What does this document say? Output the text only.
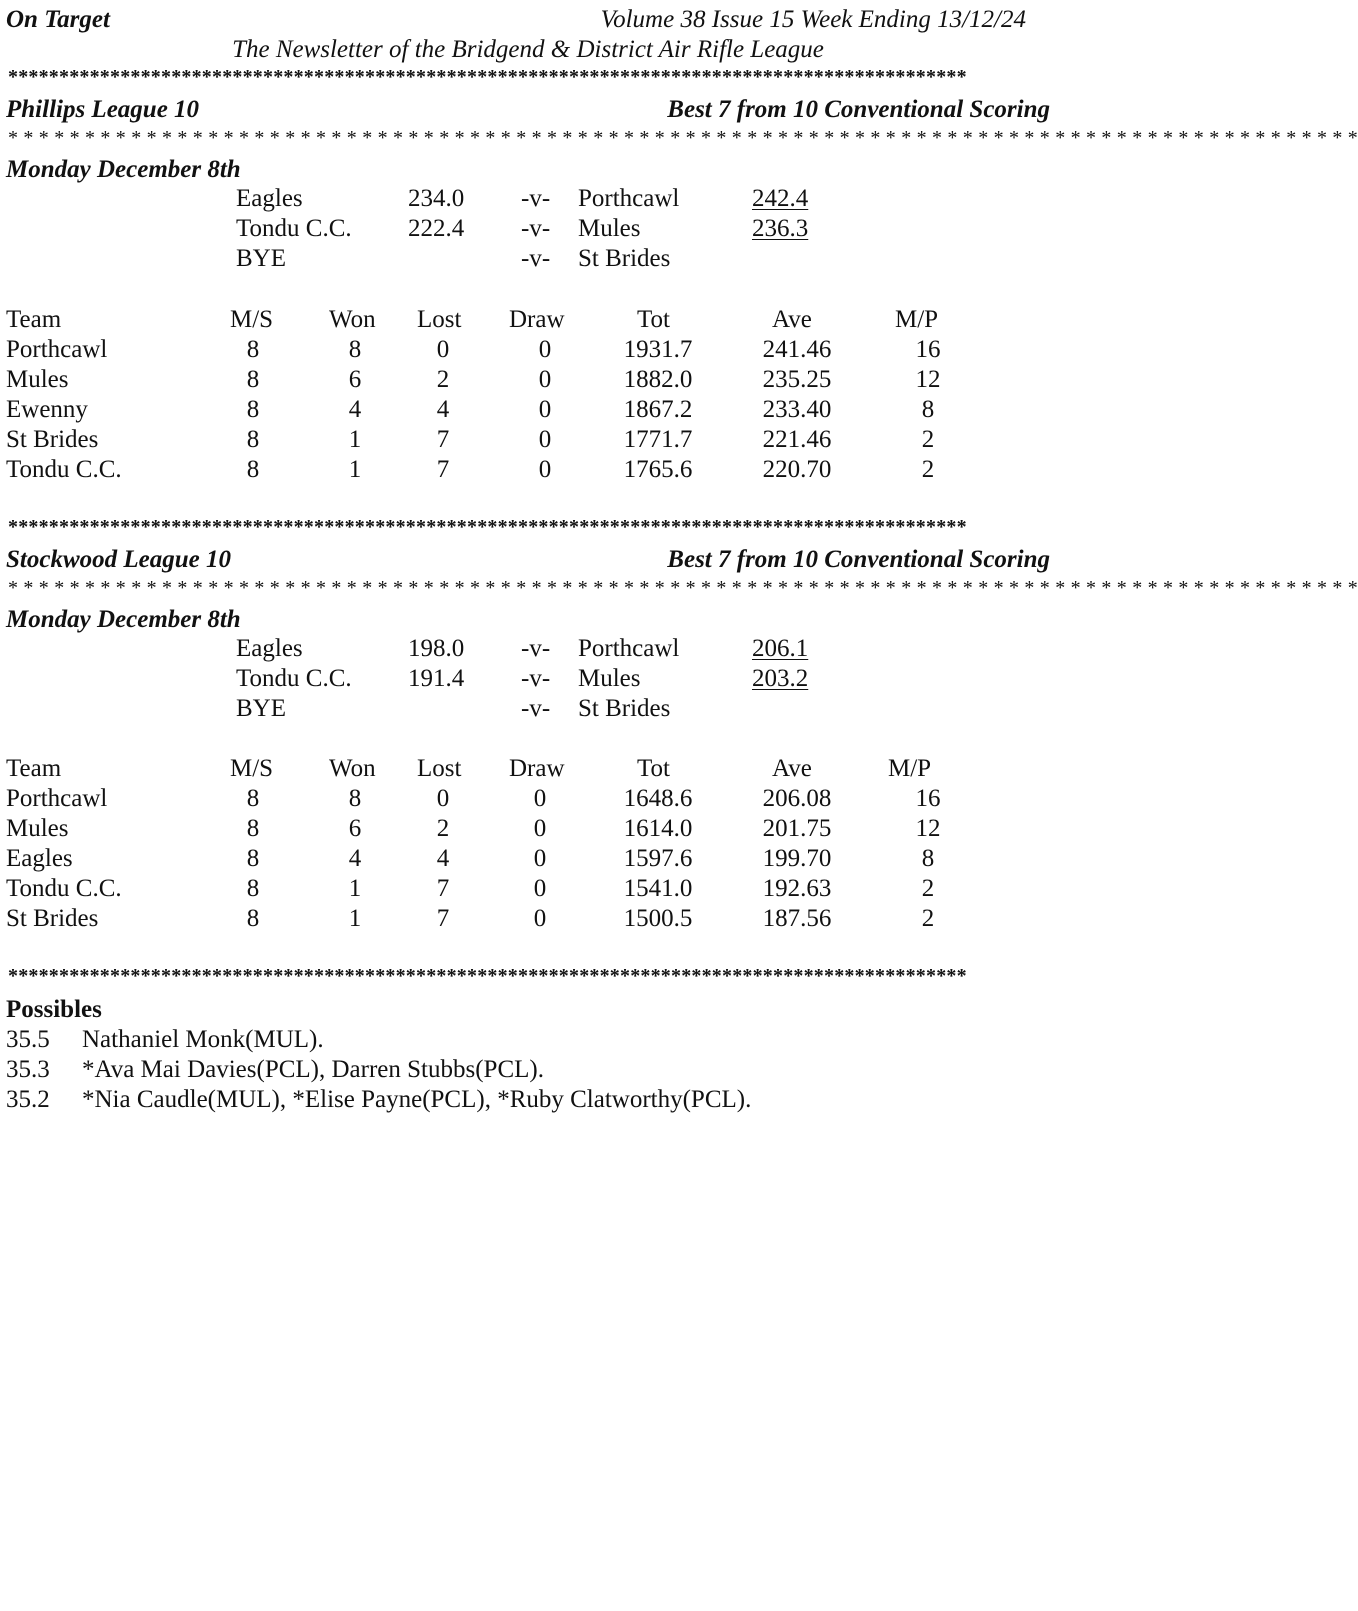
On Target	Volume 38 Issue 15 Week Ending 13/12/24
The Newsletter of the Bridgend & District Air Rifle League
**********************************************************************************************
Phillips League 10	Best 7 from 10 Conventional Scoring
* * * * * * * * * * * * * * * * * * * * * * * * * * * * * * * * * * * * * * * * * * * * * * * * * * * * * * * * * * * * * * * * * * * * * * * * * * * * * * * * * * * * * * * *
Monday December 8th
Eagles	234.0 -v- Porthcawl	242.4
Tondu C.C. 222.4 -v- Mules	236.3
BYE	-v- St Brides
Team	M/S Won Lost Draw	Tot	Ave	M/P
Porthcawl	8	8	0	0	1931.7	241.46	16
Mules	8	6	2	0	1882.0	235.25	12
Ewenny	8	4	4	0	1867.2	233.40	8
St Brides	8	1	7	0	1771.7	221.46	2
Tondu C.C.	8	1	7	0	1765.6	220.70	2
**********************************************************************************************
Stockwood League 10	Best 7 from 10 Conventional Scoring
* * * * * * * * * * * * * * * * * * * * * * * * * * * * * * * * * * * * * * * * * * * * * * * * * * * * * * * * * * * * * * * * * * * * * * * * * * * * * * * * * * * * * * * *
Monday December 8th
Eagles	198.0 -v- Porthcawl	206.1
Tondu C.C. 191.4 -v- Mules	203.2
BYE	-v- St Brides
Team	M/S Won Lost Draw	Tot	Ave	M/P
Porthcawl	8	8	0	0	1648.6	206.08	16
Mules	8	6	2	0	1614.0	201.75	12
Eagles	8	4	4	0	1597.6	199.70	8
Tondu C.C.	8	1	7	0	1541.0	192.63	2
St Brides	8	1	7	0	1500.5	187.56	2
**********************************************************************************************
Possibles
35.5 Nathaniel Monk(MUL).
35.3 *Ava Mai Davies(PCL), Darren Stubbs(PCL).
35.2 *Nia Caudle(MUL), *Elise Payne(PCL), *Ruby Clatworthy(PCL).
